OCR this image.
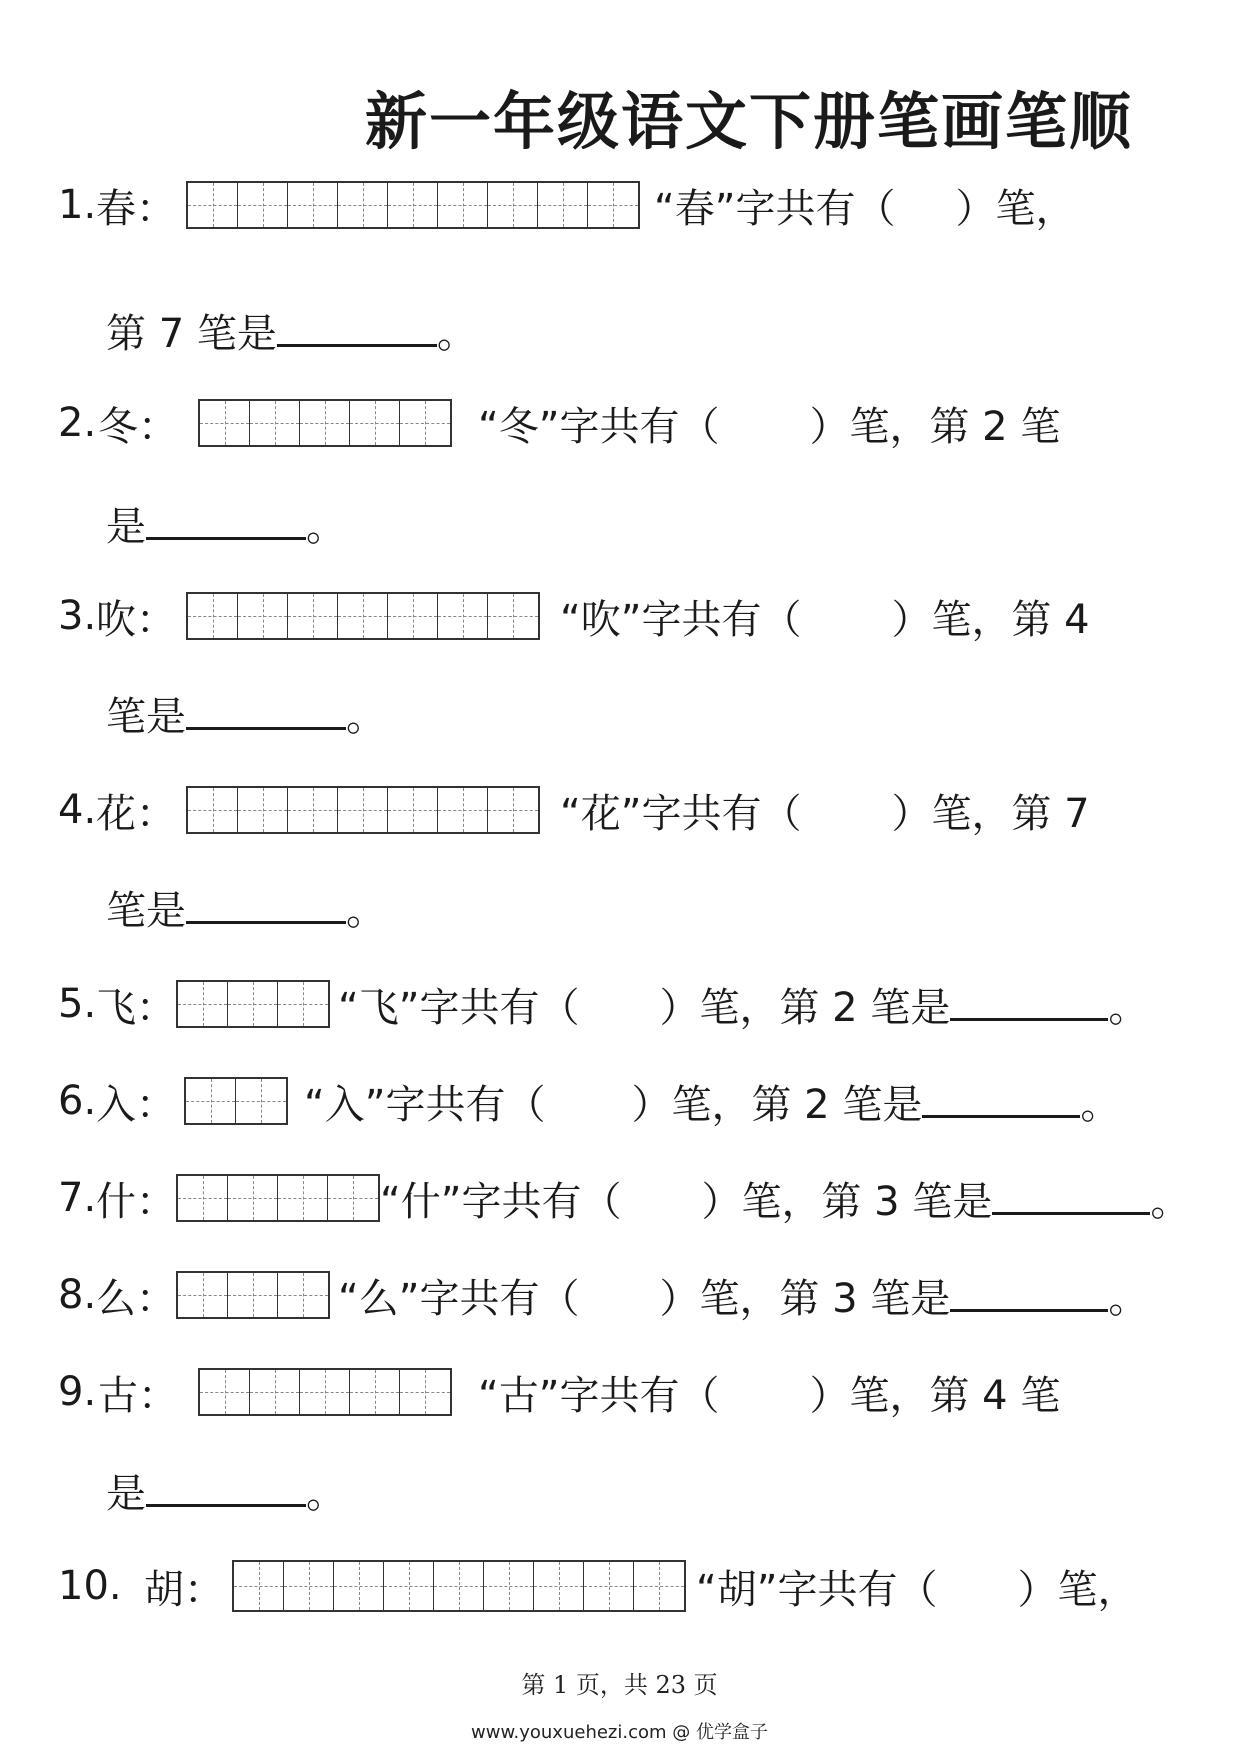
新一年级语文下册笔画笔顺
1. 春：	“春”字共有（ ）笔，
第 7 笔是	。
2. 冬：	“冬”字共有（ ）笔，第 2 笔
是	。
3. 吹：	“吹”字共有（ ）笔，第 4
笔是	。
4. 花：	“花”字共有（ ）笔，第 7
笔是	。
5. 飞：	“飞”字共有（ ）笔，第 2 笔是	。
6. 入：	“入”字共有（ ）笔，第 2 笔是	。
7. 什：	“什”字共有（ ）笔，第 3 笔是	。
8. 么：	“么”字共有（ ）笔，第 3 笔是	。
9. 古：	“古”字共有（ ）笔，第 4 笔
是	。
10. 胡：	“胡”字共有（ ）笔，
第 1 页，共 23 页
www.youxuehezi.com @ 优学盒子
